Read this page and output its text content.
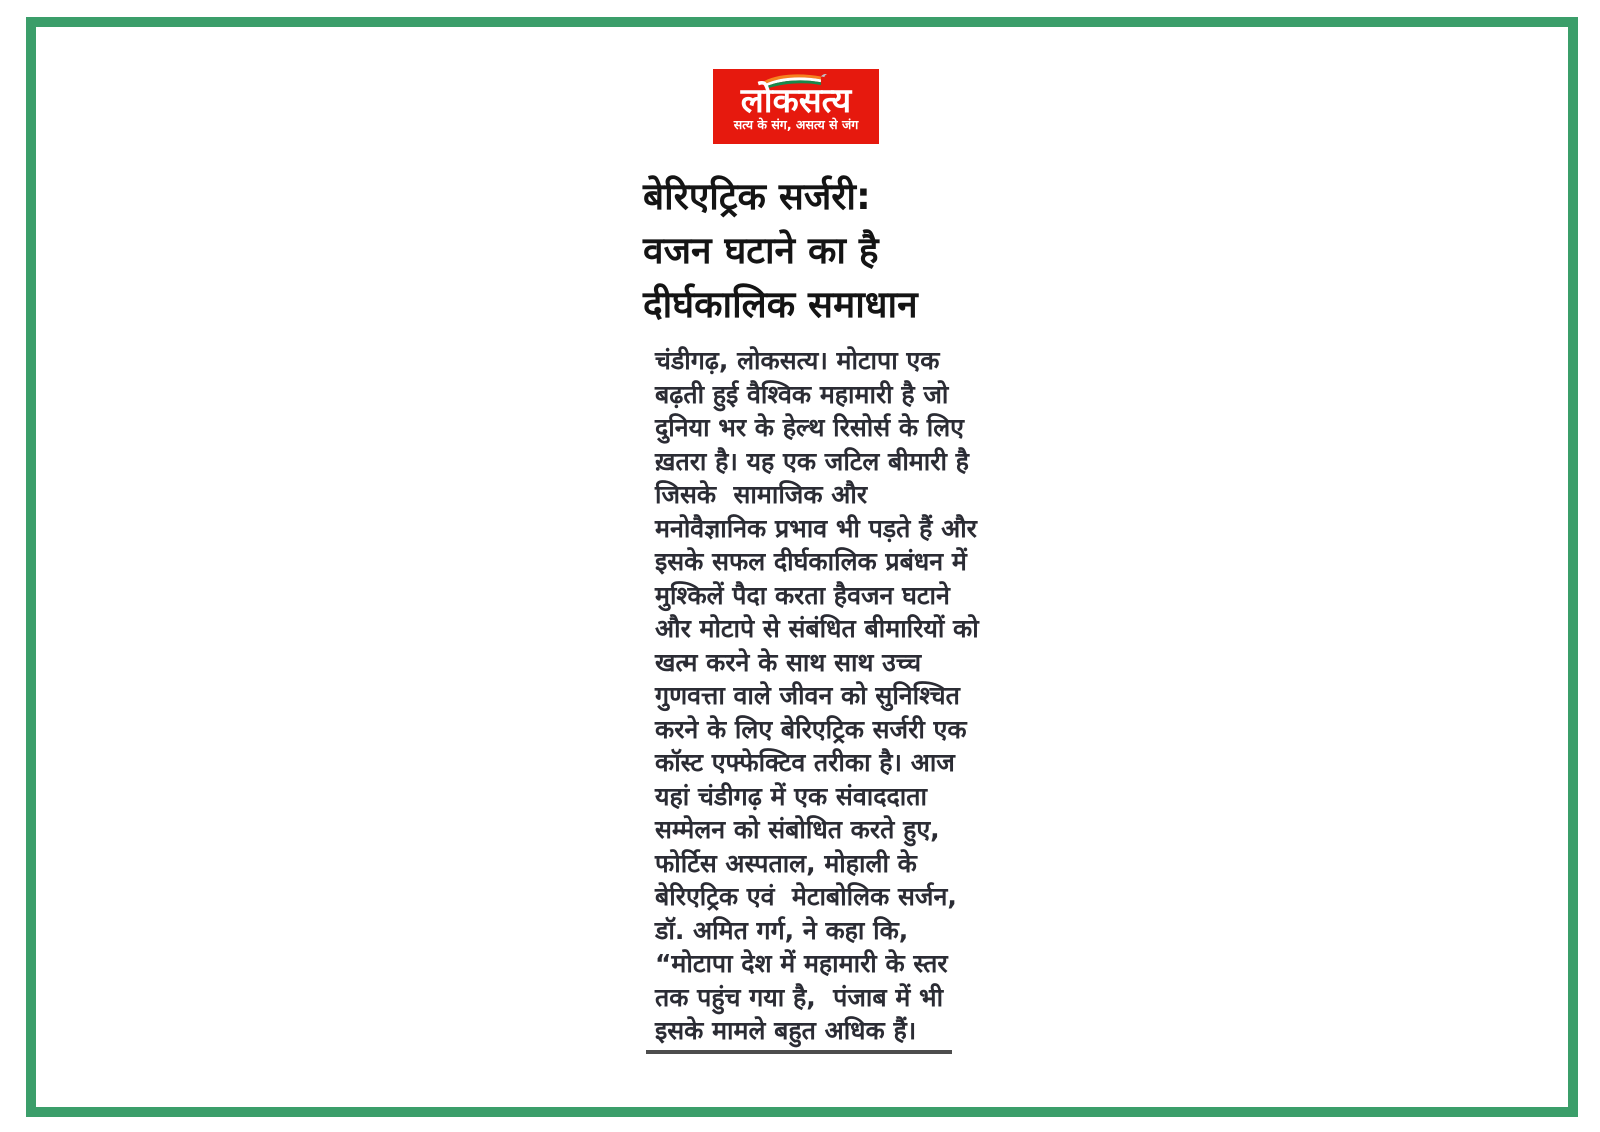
लोकसत्य
सत्य के संग, असत्य से जंग
बेरिएट्रिक सर्जरी:
वजन घटाने का है
दीर्घकालिक समाधान
चंडीगढ़, लोकसत्य। मोटापा एक
बढ़ती हुई वैश्विक महामारी है जो
दुनिया भर के हेल्थ रिसोर्स के लिए
ख़तरा है। यह एक जटिल बीमारी है
जिसके  सामाजिक और
मनोवैज्ञानिक प्रभाव भी पड़ते हैं और
इसके सफल दीर्घकालिक प्रबंधन में
मुश्किलें पैदा करता हैवजन घटाने
और मोटापे से संबंधित बीमारियों को
खत्म करने के साथ साथ उच्च
गुणवत्ता वाले जीवन को सुनिश्चित
करने के लिए बेरिएट्रिक सर्जरी एक
कॉस्ट एफ्फेक्टिव तरीका है। आज
यहां चंडीगढ़ में एक संवाददाता
सम्मेलन को संबोधित करते हुए,
फोर्टिस अस्पताल, मोहाली के
बेरिएट्रिक एवं  मेटाबोलिक सर्जन,
डॉ. अमित गर्ग, ने कहा कि,
“मोटापा देश में महामारी के स्तर
तक पहुंच गया है,  पंजाब में भी
इसके मामले बहुत अधिक हैं।
